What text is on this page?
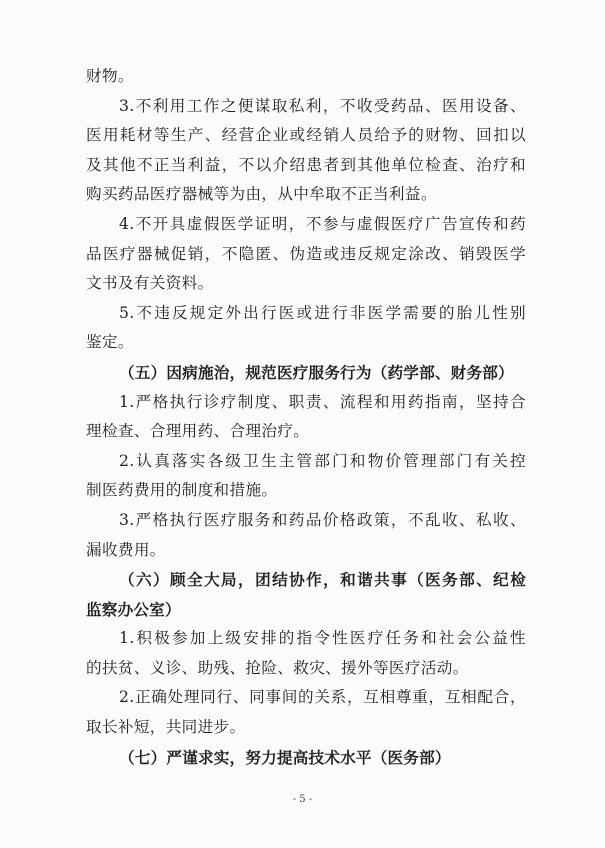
财物。
3.不利用工作之便谋取私利，不收受药品、医用设备、
医用耗材等生产、经营企业或经销人员给予的财物、回扣以
及其他不正当利益，不以介绍患者到其他单位检查、治疗和
购买药品医疗器械等为由，从中牟取不正当利益。
4.不开具虚假医学证明，不参与虚假医疗广告宣传和药
品医疗器械促销，不隐匿、伪造或违反规定涂改、销毁医学
文书及有关资料。
5.不违反规定外出行医或进行非医学需要的胎儿性别
鉴定。
（五）因病施治，规范医疗服务行为（药学部、财务部）
1.严格执行诊疗制度、职责、流程和用药指南，坚持合
理检查、合理用药、合理治疗。
2.认真落实各级卫生主管部门和物价管理部门有关控
制医药费用的制度和措施。
3.严格执行医疗服务和药品价格政策，不乱收、私收、
漏收费用。
（六）顾全大局，团结协作，和谐共事（医务部、纪检
监察办公室）
1.积极参加上级安排的指令性医疗任务和社会公益性
的扶贫、义诊、助残、抢险、救灾、援外等医疗活动。
2.正确处理同行、同事间的关系，互相尊重，互相配合，
取长补短，共同进步。
（七）严谨求实，努力提高技术水平（医务部）
- 5 -
